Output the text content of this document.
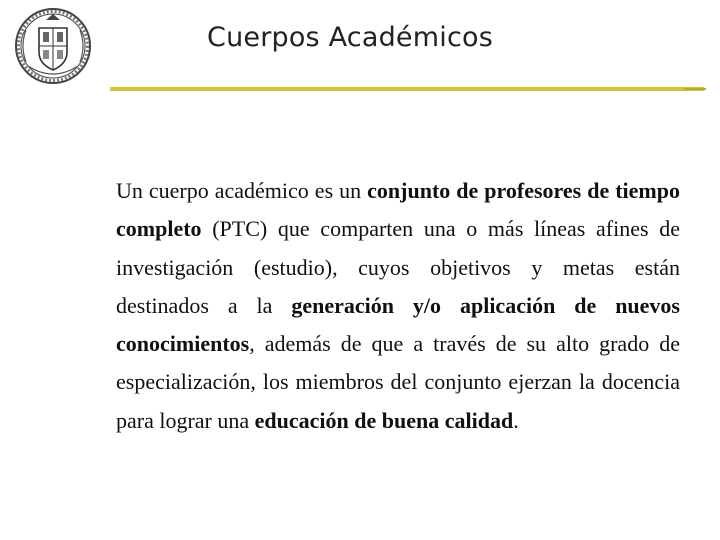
Cuerpos Académicos

Un cuerpo académico es un conjunto de profesores de tiempo completo (PTC) que comparten una o más líneas afines de investigación (estudio), cuyos objetivos y metas están destinados a la generación y/o aplicación de nuevos conocimientos, además de que a través de su alto grado de especialización, los miembros del conjunto ejerzan la docencia para lograr una educación de buena calidad.
